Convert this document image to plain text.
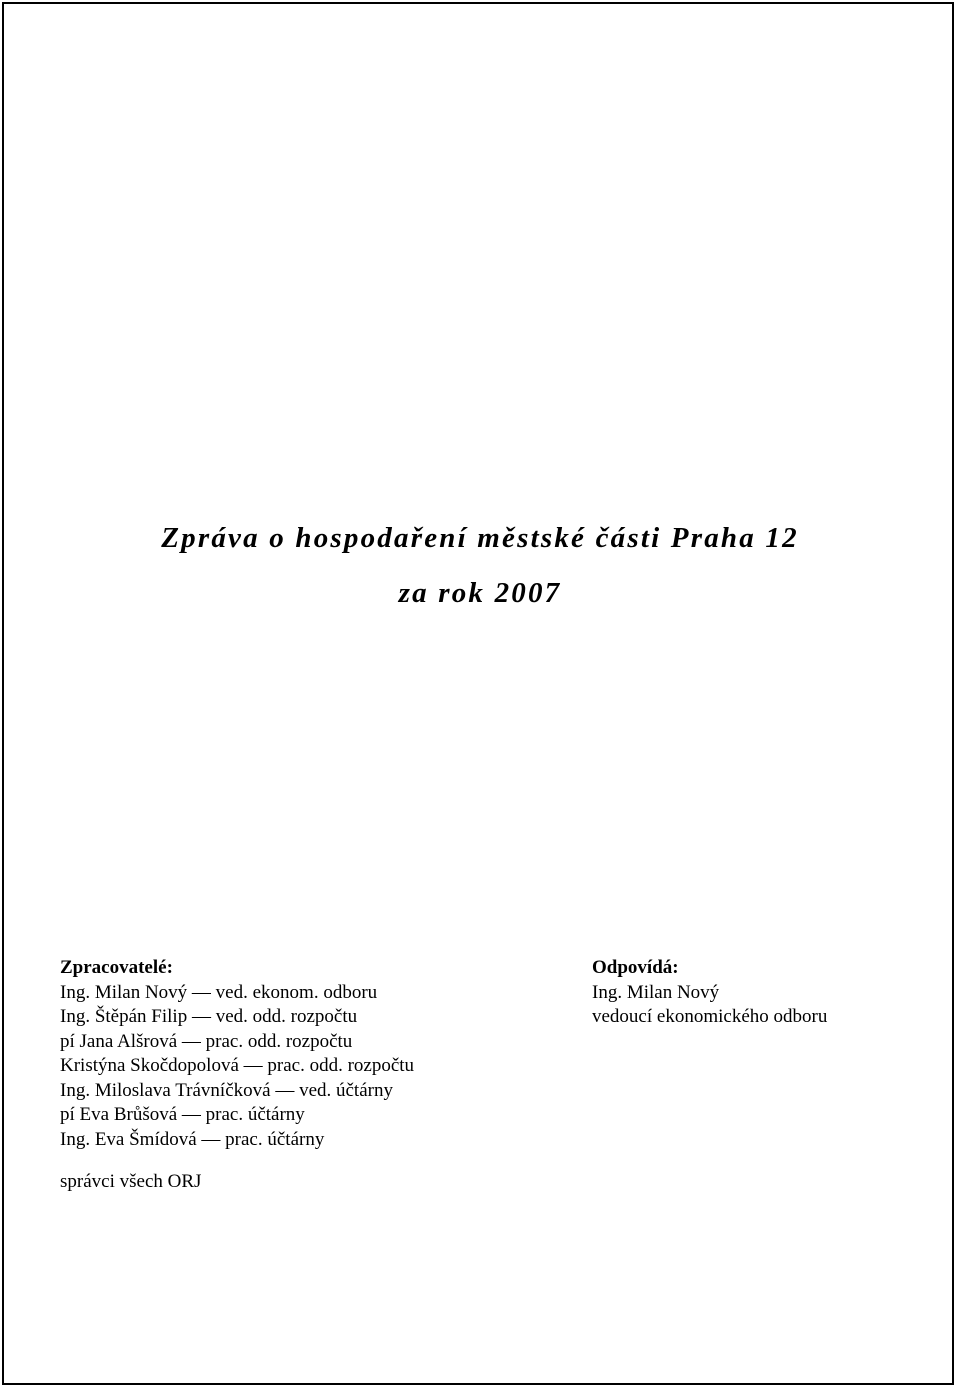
Zpráva o hospodaření městské části Praha 12
za rok 2007
Zpracovatelé:
Ing. Milan Nový — ved. ekonom. odboru
Ing. Štěpán Filip — ved. odd. rozpočtu
pí Jana Alšrová — prac. odd. rozpočtu
Kristýna Skočdopolová — prac. odd. rozpočtu
Ing. Miloslava Trávníčková — ved. účtárny
pí Eva Brůšová — prac. účtárny
Ing. Eva Šmídová — prac. účtárny
Odpovídá:
Ing. Milan Nový
vedoucí ekonomického odboru
správci všech ORJ
